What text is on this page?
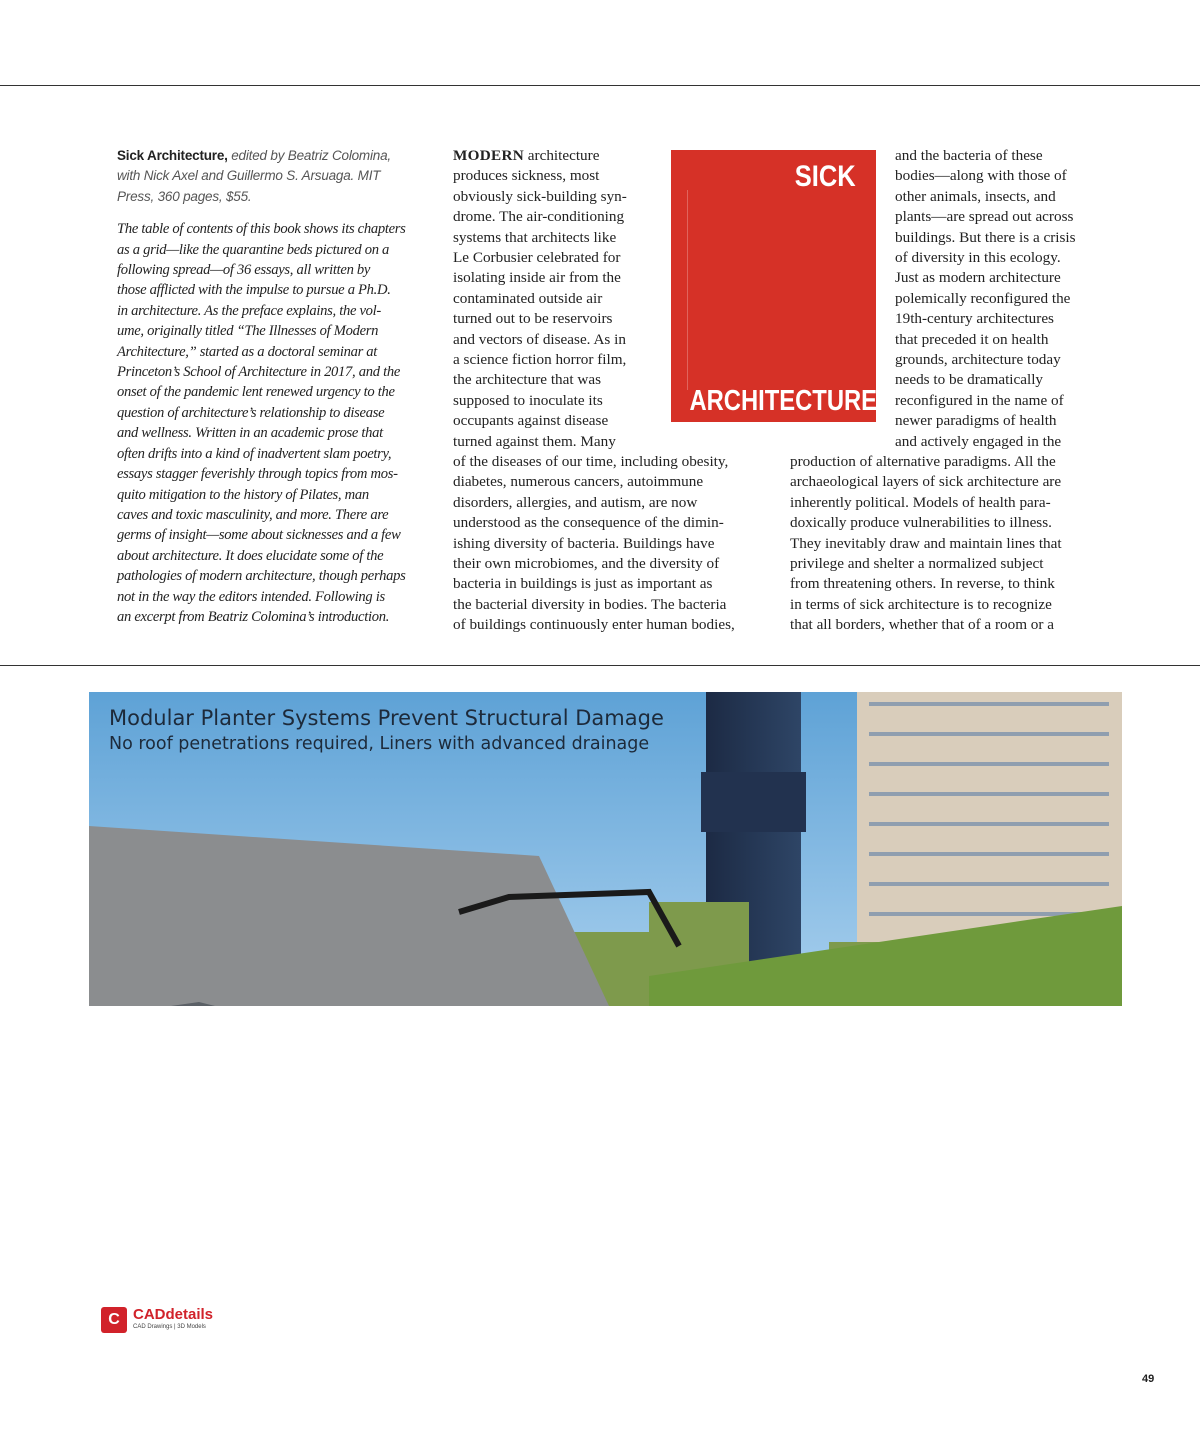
Sick Architecture, edited by Beatriz Colomina,
with Nick Axel and Guillermo S. Arsuaga. MIT
Press, 360 pages, $55.

The table of contents of this book shows its chapters
as a grid—like the quarantine beds pictured on a
following spread—of 36 essays, all written by
those afflicted with the impulse to pursue a Ph.D.
in architecture. As the preface explains, the vol-
ume, originally titled “The Illnesses of Modern
Architecture,” started as a doctoral seminar at
Princeton’s School of Architecture in 2017, and the
onset of the pandemic lent renewed urgency to the
question of architecture’s relationship to disease
and wellness. Written in an academic prose that
often drifts into a kind of inadvertent slam poetry,
essays stagger feverishly through topics from mos-
quito mitigation to the history of Pilates, man
caves and toxic masculinity, and more. There are
germs of insight—some about sicknesses and a few
about architecture. It does elucidate some of the
pathologies of modern architecture, though perhaps
not in the way the editors intended. Following is
an excerpt from Beatriz Colomina’s introduction.

MODERN architecture
produces sickness, most
obviously sick-building syn-
drome. The air-conditioning
systems that architects like
Le Corbusier celebrated for
isolating inside air from the
contaminated outside air
turned out to be reservoirs
and vectors of disease. As in
a science fiction horror film,
the architecture that was
supposed to inoculate its
occupants against disease
turned against them. Many

SICK
ARCHITECTURE

of the diseases of our time, including obesity,
diabetes, numerous cancers, autoimmune
disorders, allergies, and autism, are now
understood as the consequence of the dimin-
ishing diversity of bacteria. Buildings have
their own microbiomes, and the diversity of
bacteria in buildings is just as important as
the bacterial diversity in bodies. The bacteria
of buildings continuously enter human bodies,

and the bacteria of these
bodies—along with those of
other animals, insects, and
plants—are spread out across
buildings. But there is a crisis
of diversity in this ecology.
Just as modern architecture
polemically reconfigured the
19th-century architectures
that preceded it on health
grounds, architecture today
needs to be dramatically
reconfigured in the name of
newer paradigms of health
and actively engaged in the

production of alternative paradigms. All the
archaeological layers of sick architecture are
inherently political. Models of health para-
doxically produce vulnerabilities to illness.
They inevitably draw and maintain lines that
privilege and shelter a normalized subject
from threatening others. In reverse, to think
in terms of sick architecture is to recognize
that all borders, whether that of a room or a

Modular Planter Systems Prevent Structural Damage
No roof penetrations required, Liners with advanced drainage
No Design Fee
Lifetime Structural Warranty
Anodized Aluminum Frame System
DeepStreamDesign.com 305-857-0466
C CADdetails
CAD Drawings | 3D Models
49
